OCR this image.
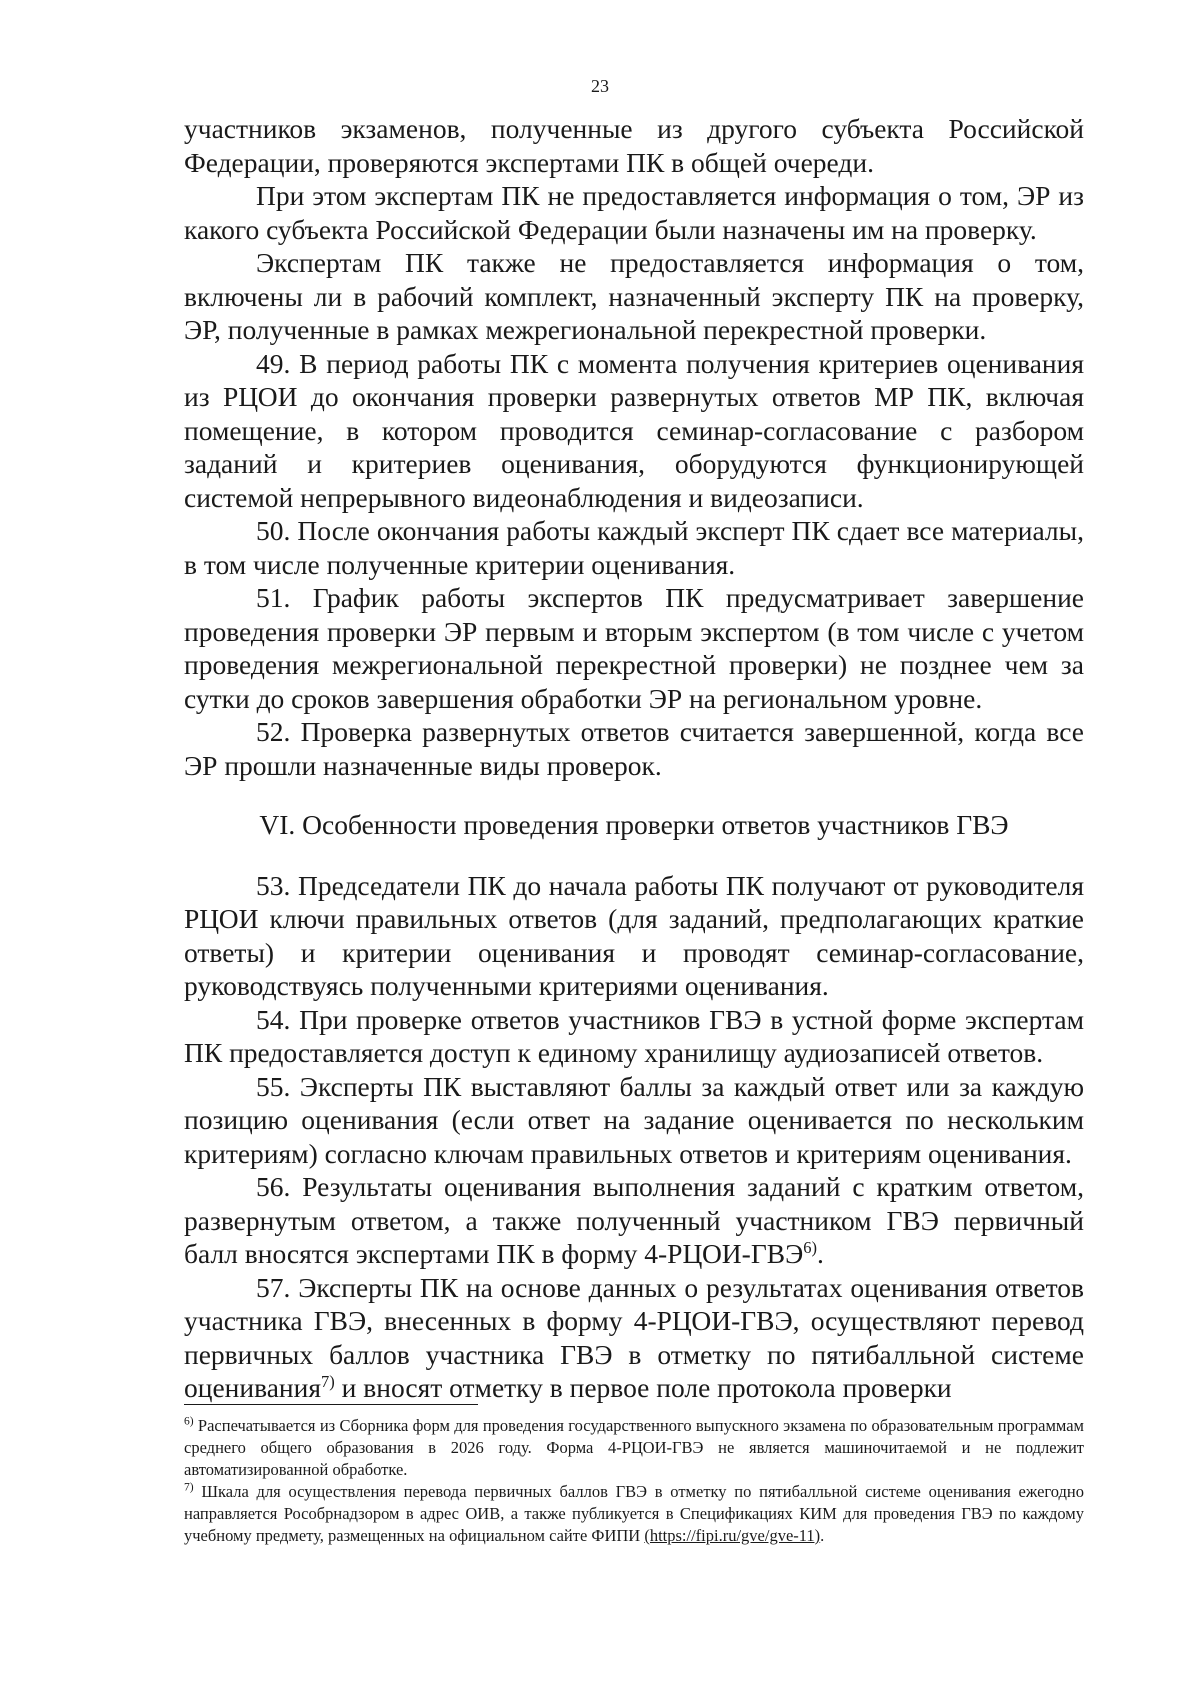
23

участников экзаменов, полученные из другого субъекта Российской Федерации, проверяются экспертами ПК в общей очереди.

При этом экспертам ПК не предоставляется информация о том, ЭР из какого субъекта Российской Федерации были назначены им на проверку.

Экспертам ПК также не предоставляется информация о том, включены ли в рабочий комплект, назначенный эксперту ПК на проверку, ЭР, полученные в рамках межрегиональной перекрестной проверки.

49. В период работы ПК с момента получения критериев оценивания из РЦОИ до окончания проверки развернутых ответов МР ПК, включая помещение, в котором проводится семинар-согласование с разбором заданий и критериев оценивания, оборудуются функционирующей системой непрерывного видеонаблюдения и видеозаписи.

50. После окончания работы каждый эксперт ПК сдает все материалы, в том числе полученные критерии оценивания.

51. График работы экспертов ПК предусматривает завершение проведения проверки ЭР первым и вторым экспертом (в том числе с учетом проведения межрегиональной перекрестной проверки) не позднее чем за сутки до сроков завершения обработки ЭР на региональном уровне.

52. Проверка развернутых ответов считается завершенной, когда все ЭР прошли назначенные виды проверок.

VI. Особенности проведения проверки ответов участников ГВЭ

53. Председатели ПК до начала работы ПК получают от руководителя РЦОИ ключи правильных ответов (для заданий, предполагающих краткие ответы) и критерии оценивания и проводят семинар-согласование, руководствуясь полученными критериями оценивания.

54. При проверке ответов участников ГВЭ в устной форме экспертам ПК предоставляется доступ к единому хранилищу аудиозаписей ответов.

55. Эксперты ПК выставляют баллы за каждый ответ или за каждую позицию оценивания (если ответ на задание оценивается по нескольким критериям) согласно ключам правильных ответов и критериям оценивания.

56. Результаты оценивания выполнения заданий с кратким ответом, развернутым ответом, а также полученный участником ГВЭ первичный балл вносятся экспертами ПК в форму 4-РЦОИ-ГВЭ$^{6)}$.

57. Эксперты ПК на основе данных о результатах оценивания ответов участника ГВЭ, внесенных в форму 4-РЦОИ-ГВЭ, осуществляют перевод первичных баллов участника ГВЭ в отметку по пятибалльной системе оценивания$^{7)}$ и вносят отметку в первое поле протокола проверки

$^{6)}$ Распечатывается из Сборника форм для проведения государственного выпускного экзамена по образовательным программам среднего общего образования в 2026 году. Форма 4-РЦОИ-ГВЭ не является машиночитаемой и не подлежит автоматизированной обработке.

$^{7)}$ Шкала для осуществления перевода первичных баллов ГВЭ в отметку по пятибалльной системе оценивания ежегодно направляется Рособрнадзором в адрес ОИВ, а также публикуется в Спецификациях КИМ для проведения ГВЭ по каждому учебному предмету, размещенных на официальном сайте ФИПИ (https://fipi.ru/gve/gve-11).
